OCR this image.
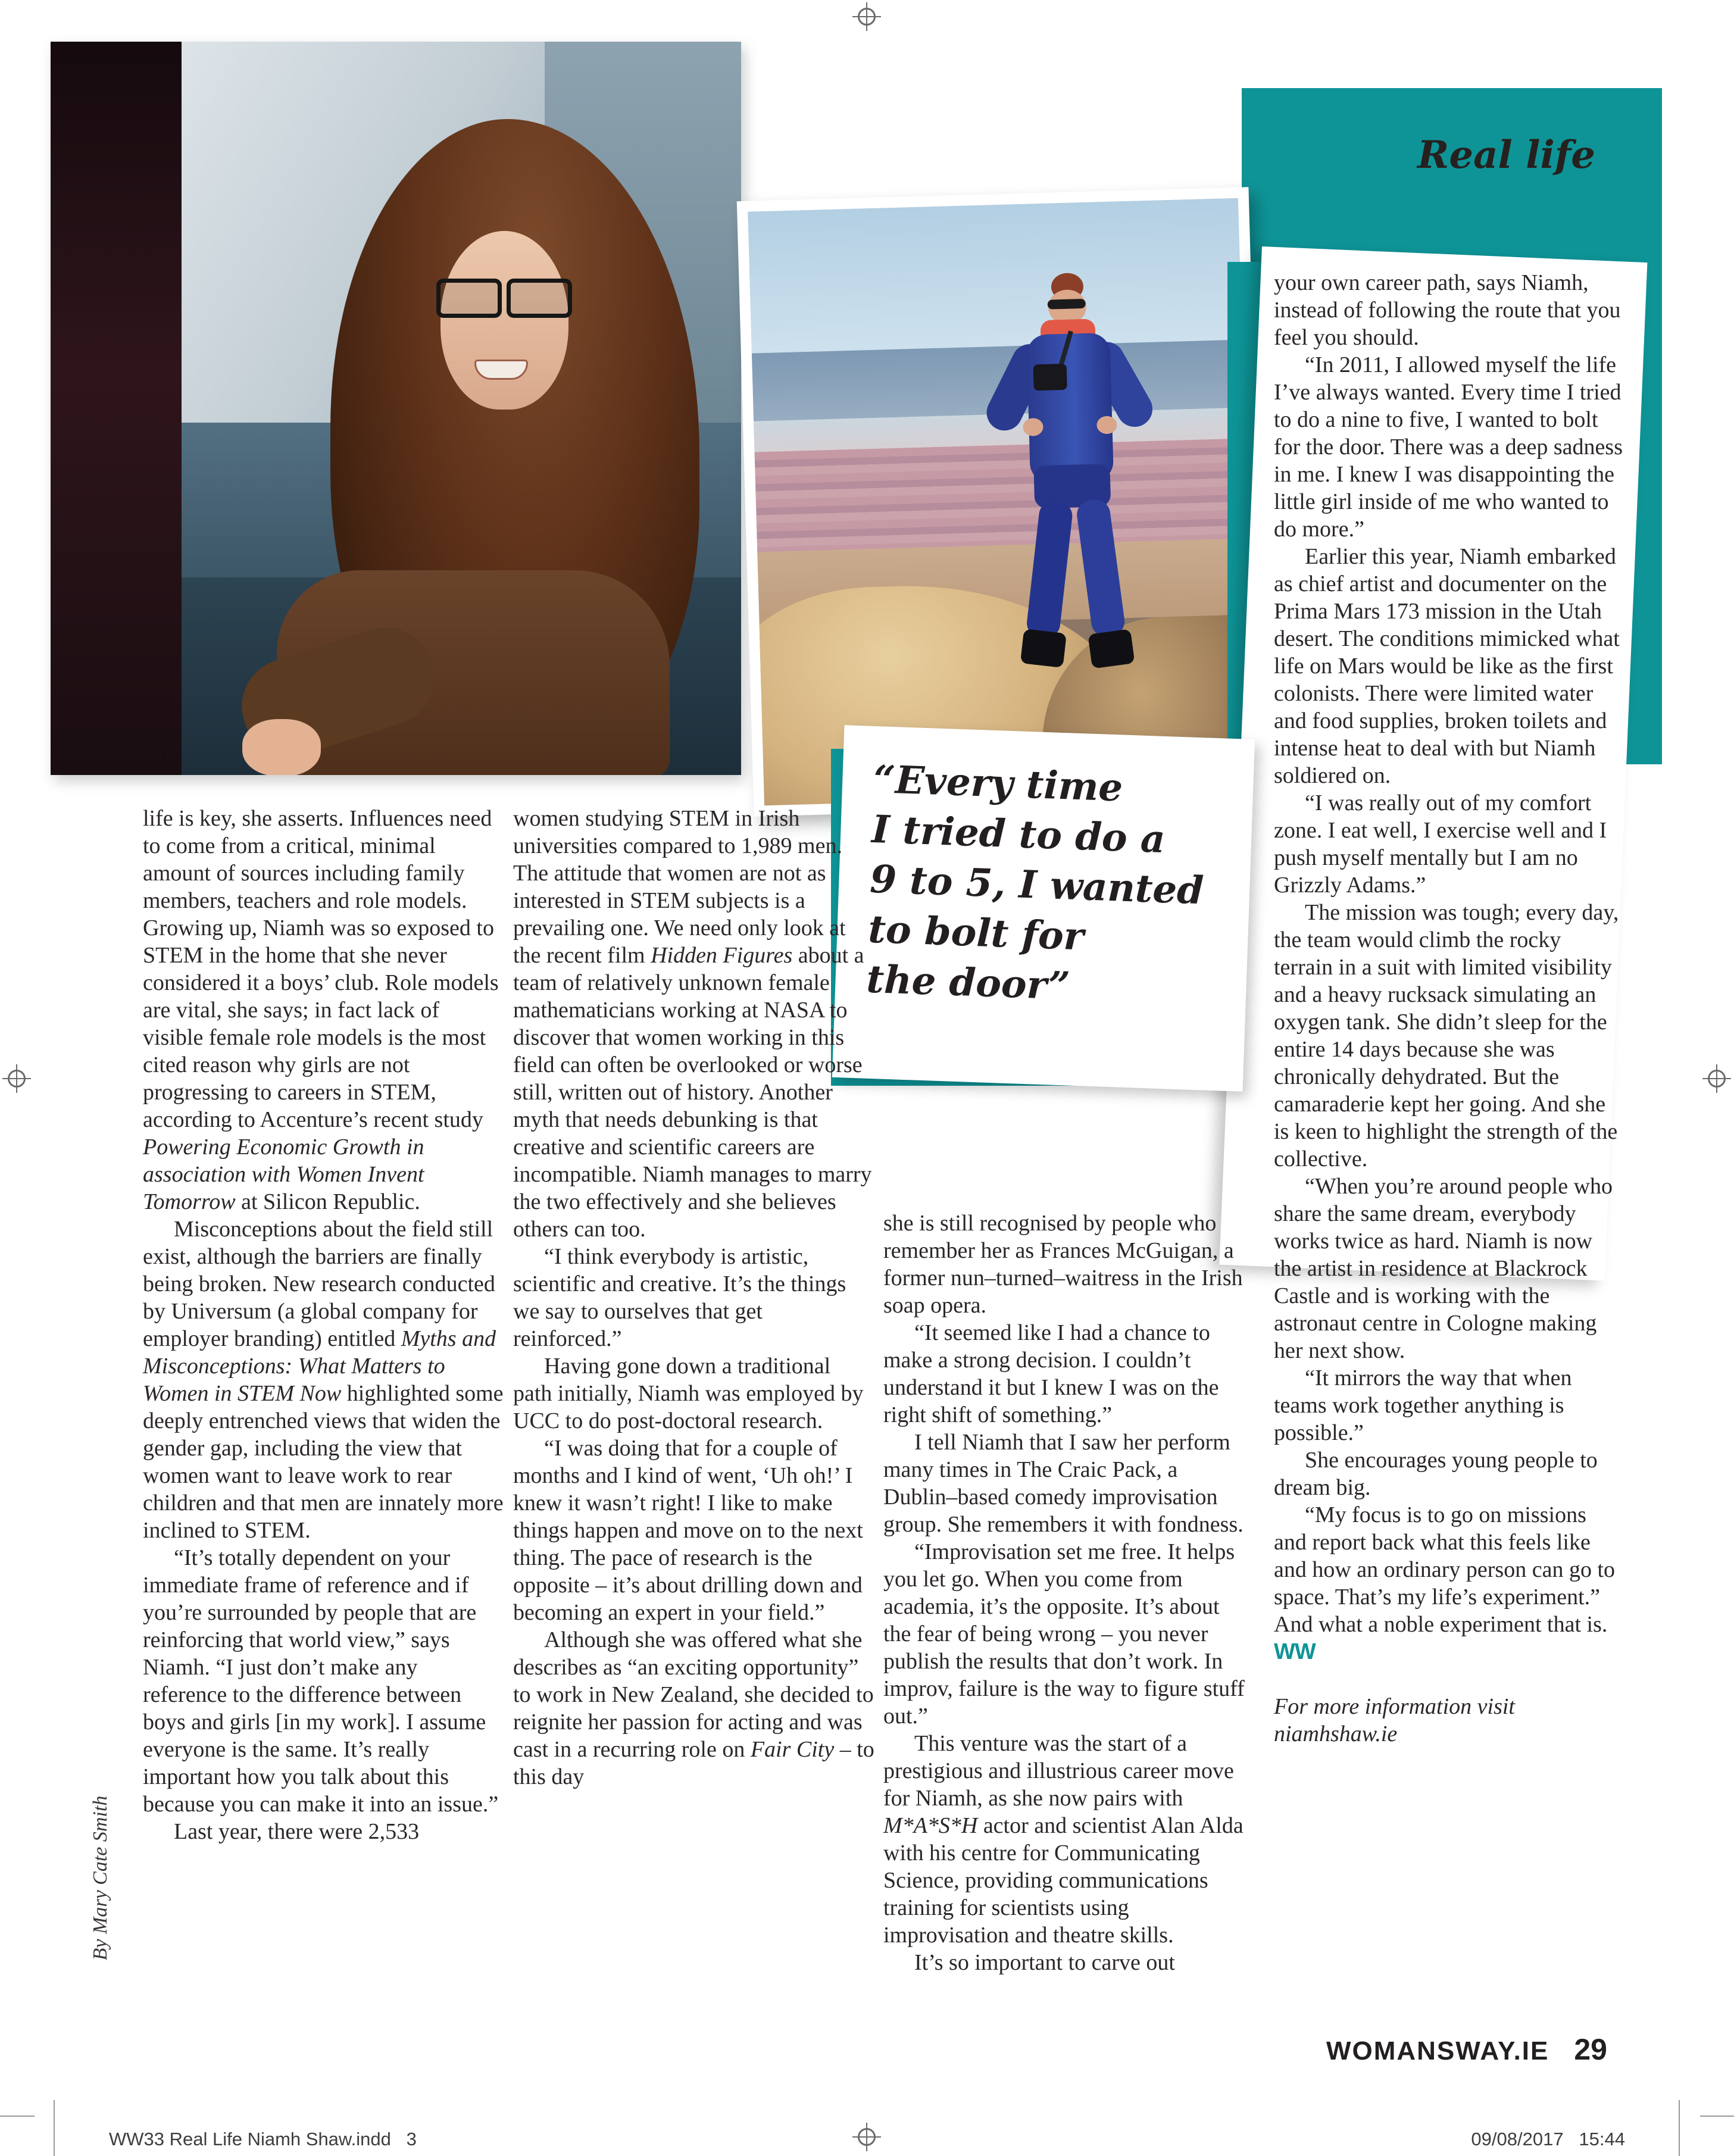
Real life
“Every time
I tried to do a
9 to 5, I wanted
to bolt for
the door”

life is key, she asserts. Influences need to come from a critical, minimal amount of sources including family members, teachers and role models. Growing up, Niamh was so exposed to STEM in the home that she never considered it a boys’ club. Role models are vital, she says; in fact lack of visible female role models is the most cited reason why girls are not progressing to careers in STEM, according to Accenture’s recent study Powering Economic Growth in association with Women Invent Tomorrow at Silicon Republic.

Misconceptions about the field still exist, although the barriers are finally being broken. New research conducted by Universum (a global company for employer branding) entitled Myths and Misconceptions: What Matters to Women in STEM Now highlighted some deeply entrenched views that widen the gender gap, including the view that women want to leave work to rear children and that men are innately more inclined to STEM.

“It’s totally dependent on your immediate frame of reference and if you’re surrounded by people that are reinforcing that world view,” says Niamh. “I just don’t make any reference to the difference between boys and girls [in my work]. I assume everyone is the same. It’s really important how you talk about this because you can make it into an issue.”

Last year, there were 2,533

women studying STEM in Irish universities compared to 1,989 men. The attitude that women are not as interested in STEM subjects is a prevailing one. We need only look at the recent film Hidden Figures about a team of relatively unknown female mathematicians working at NASA to discover that women working in this field can often be overlooked or worse still, written out of history. Another myth that needs debunking is that creative and scientific careers are incompatible. Niamh manages to marry the two effectively and she believes others can too.

“I think everybody is artistic, scientific and creative. It’s the things we say to ourselves that get reinforced.”

Having gone down a traditional path initially, Niamh was employed by UCC to do post-doctoral research.

“I was doing that for a couple of months and I kind of went, ‘Uh oh!’ I knew it wasn’t right! I like to make things happen and move on to the next thing. The pace of research is the opposite – it’s about drilling down and becoming an expert in your field.”

Although she was offered what she describes as “an exciting opportunity” to work in New Zealand, she decided to reignite her passion for acting and was cast in a recurring role on Fair City – to this day

she is still recognised by people who remember her as Frances McGuigan, a former nun–turned–waitress in the Irish soap opera.

“It seemed like I had a chance to make a strong decision. I couldn’t understand it but I knew I was on the right shift of something.”

I tell Niamh that I saw her perform many times in The Craic Pack, a Dublin–based comedy improvisation group. She remembers it with fondness.

“Improvisation set me free. It helps you let go. When you come from academia, it’s the opposite. It’s about the fear of being wrong – you never publish the results that don’t work. In improv, failure is the way to figure stuff out.”

This venture was the start of a prestigious and illustrious career move for Niamh, as she now pairs with M*A*S*H actor and scientist Alan Alda with his centre for Communicating Science, providing communications training for scientists using improvisation and theatre skills.

It’s so important to carve out

your own career path, says Niamh, instead of following the route that you feel you should.

“In 2011, I allowed myself the life I’ve always wanted. Every time I tried to do a nine to five, I wanted to bolt for the door. There was a deep sadness in me. I knew I was disappointing the little girl inside of me who wanted to do more.”

Earlier this year, Niamh embarked as chief artist and documenter on the Prima Mars 173 mission in the Utah desert. The conditions mimicked what life on Mars would be like as the first colonists. There were limited water and food supplies, broken toilets and intense heat to deal with but Niamh soldiered on.

“I was really out of my comfort zone. I eat well, I exercise well and I push myself mentally but I am no Grizzly Adams.”

The mission was tough; every day, the team would climb the rocky terrain in a suit with limited visibility and a heavy rucksack simulating an oxygen tank. She didn’t sleep for the entire 14 days because she was chronically dehydrated. But the camaraderie kept her going. And she is keen to highlight the strength of the collective.

“When you’re around people who share the same dream, everybody works twice as hard. Niamh is now the artist in residence at Blackrock Castle and is working with the astronaut centre in Cologne making her next show.

“It mirrors the way that when teams work together anything is possible.”

She encourages young people to dream big.

“My focus is to go on missions and report back what this feels like and how an ordinary person can go to space. That’s my life’s experiment.” And what a noble experiment that is. WW

For more information visit niamhshaw.ie

By Mary Cate Smith
WOMANSWAY.IE 29
WW33 Real Life Niamh Shaw.indd   3	09/08/2017   15:44
